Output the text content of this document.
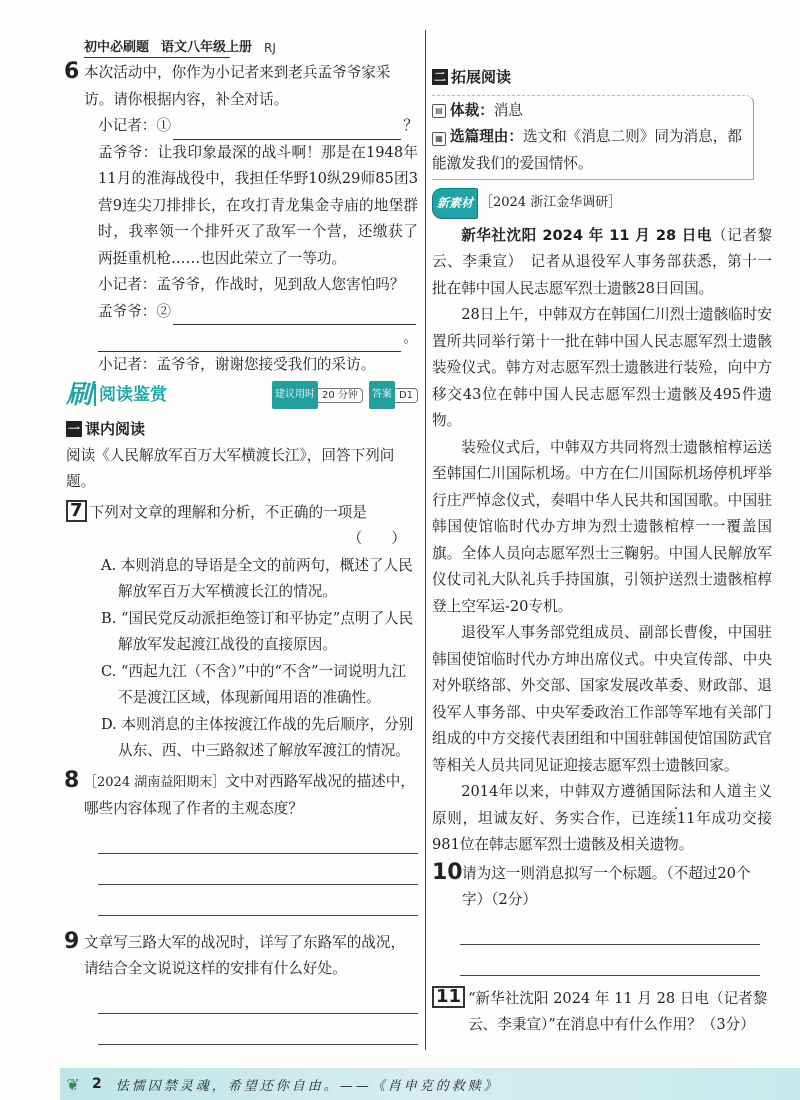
初中必刷题 语文八年级上册 RJ
6 本次活动中，你作为小记者来到老兵孟爷爷家采访。请你根据内容，补全对话。
小记者：①	？
孟爷爷：让我印象最深的战斗啊！那是在1948年11月的淮海战役中，我担任华野10纵29师85团3营9连尖刀排排长，在攻打青龙集金寺庙的地堡群时，我率领一个排歼灭了敌军一个营，还缴获了两挺重机枪……也因此荣立了一等功。
小记者：孟爷爷，作战时，见到敌人您害怕吗？
孟爷爷：②
。
小记者：孟爷爷，谢谢您接受我们的采访。
刷 阅读鉴赏	建议用时 20 分钟	答案 D1
一 课内阅读
阅读《人民解放军百万大军横渡长江》，回答下列问题。
7 下列对文章的理解和分析，不正确的一项是
（　　）
A. 本则消息的导语是全文的前两句，概述了人民解放军百万大军横渡长江的情况。
B. “国民党反动派拒绝签订和平协定”点明了人民解放军发起渡江战役的直接原因。
C. “西起九江（不含）”中的“不含”一词说明九江不是渡江区域，体现新闻用语的准确性。
D. 本则消息的主体按渡江作战的先后顺序，分别从东、西、中三路叙述了解放军渡江的情况。
8 ［2024 湖南益阳期末］文中对西路军战况的描述中，哪些内容体现了作者的主观态度？
9 文章写三路大军的战况时，详写了东路军的战况，请结合全文说说这样的安排有什么好处。
二 拓展阅读
▤ 体裁： 消息
▦ 选篇理由：选文和《消息二则》同为消息，都能激发我们的爱国情怀。
新素材 ［2024 浙江金华调研］

新华社沈阳 2024 年 11 月 28 日电（记者黎云、李秉宣）　记者从退役军人事务部获悉，第十一批在韩中国人民志愿军烈士遗骸28日回国。

28日上午，中韩双方在韩国仁川烈士遗骸临时安置所共同举行第十一批在韩中国人民志愿军烈士遗骸装殓仪式。韩方对志愿军烈士遗骸进行装殓，向中方移交43位在韩中国人民志愿军烈士遗骸及495件遗物。

装殓仪式后，中韩双方共同将烈士遗骸棺椁运送至韩国仁川国际机场。中方在仁川国际机场停机坪举行庄严悼念仪式，奏唱中华人民共和国国歌。中国驻韩国使馆临时代办方坤为烈士遗骸棺椁一一覆盖国旗。全体人员向志愿军烈士三鞠躬。中国人民解放军仪仗司礼大队礼兵手持国旗，引领护送烈士遗骸棺椁登上空军运-20专机。

退役军人事务部党组成员、副部长曹俊，中国驻韩国使馆临时代办方坤出席仪式。中央宣传部、中央对外联络部、外交部、国家发展改革委、财政部、退役军人事务部、中央军委政治工作部等军地有关部门组成的中方交接代表团组和中国驻韩国使馆国防武官等相关人员共同见证迎接志愿军烈士遗骸回家。

2014年以来，中韩双方遵循国际法和人道主义原则，坦诚友好、务实合作，已连续11年成功交接981位在韩志愿军烈士遗骸及相关遗物。

10 请为这一则消息拟写一个标题。（不超过20个字）（2分）
11 “新华社沈阳 2024 年 11 月 28 日电（记者黎云、李秉宣）”在消息中有什么作用？（3分）
❦ 2 怯懦囚禁灵魂，希望还你自由。——《肖申克的救赎》
